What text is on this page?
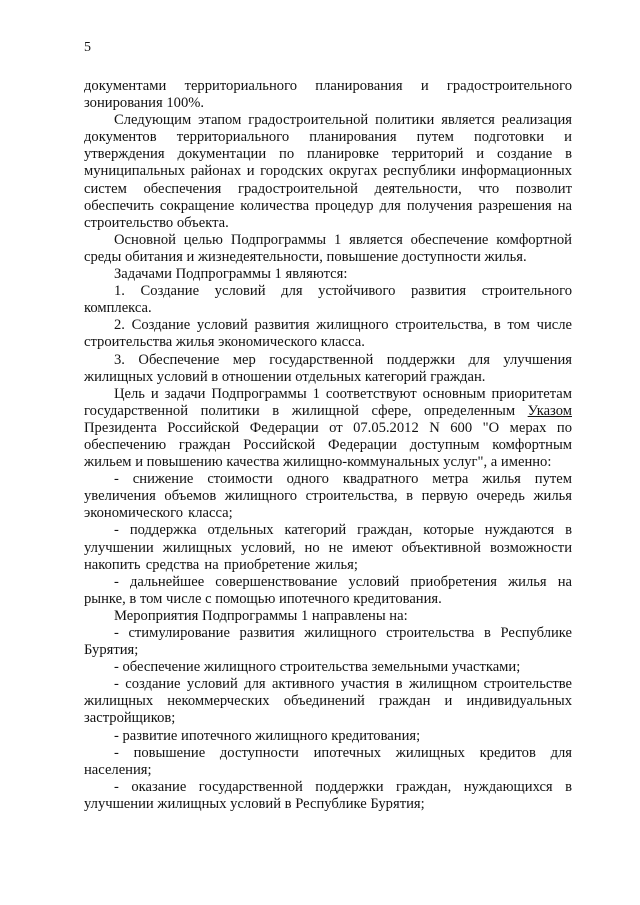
5

документами территориального планирования и градостроительного зонирования 100%.

Следующим этапом градостроительной политики является реализация документов территориального планирования путем подготовки и утверждения документации по планировке территорий и создание в муниципальных районах и городских округах республики информационных систем обеспечения градостроительной деятельности, что позволит обеспечить сокращение количества процедур для получения разрешения на строительство объекта.

Основной целью Подпрограммы 1 является обеспечение комфортной среды обитания и жизнедеятельности, повышение доступности жилья.

Задачами Подпрограммы 1 являются:

1. Создание условий для устойчивого развития строительного комплекса.

2. Создание условий развития жилищного строительства, в том числе строительства жилья экономического класса.

3. Обеспечение мер государственной поддержки для улучшения жилищных условий в отношении отдельных категорий граждан.

Цель и задачи Подпрограммы 1 соответствуют основным приоритетам государственной политики в жилищной сфере, определенным Указом Президента Российской Федерации от 07.05.2012 N 600 "О мерах по обеспечению граждан Российской Федерации доступным комфортным жильем и повышению качества жилищно-коммунальных услуг", а именно:

- снижение стоимости одного квадратного метра жилья путем увеличения объемов жилищного строительства, в первую очередь жилья экономического класса;

- поддержка отдельных категорий граждан, которые нуждаются в улучшении жилищных условий, но не имеют объективной возможности накопить средства на приобретение жилья;

- дальнейшее совершенствование условий приобретения жилья на рынке, в том числе с помощью ипотечного кредитования.

Мероприятия Подпрограммы 1 направлены на:

- стимулирование развития жилищного строительства в Республике Бурятия;

- обеспечение жилищного строительства земельными участками;

- создание условий для активного участия в жилищном строительстве жилищных некоммерческих объединений граждан и индивидуальных застройщиков;

- развитие ипотечного жилищного кредитования;

- повышение доступности ипотечных жилищных кредитов для населения;

- оказание государственной поддержки граждан, нуждающихся в улучшении жилищных условий в Республике Бурятия;
